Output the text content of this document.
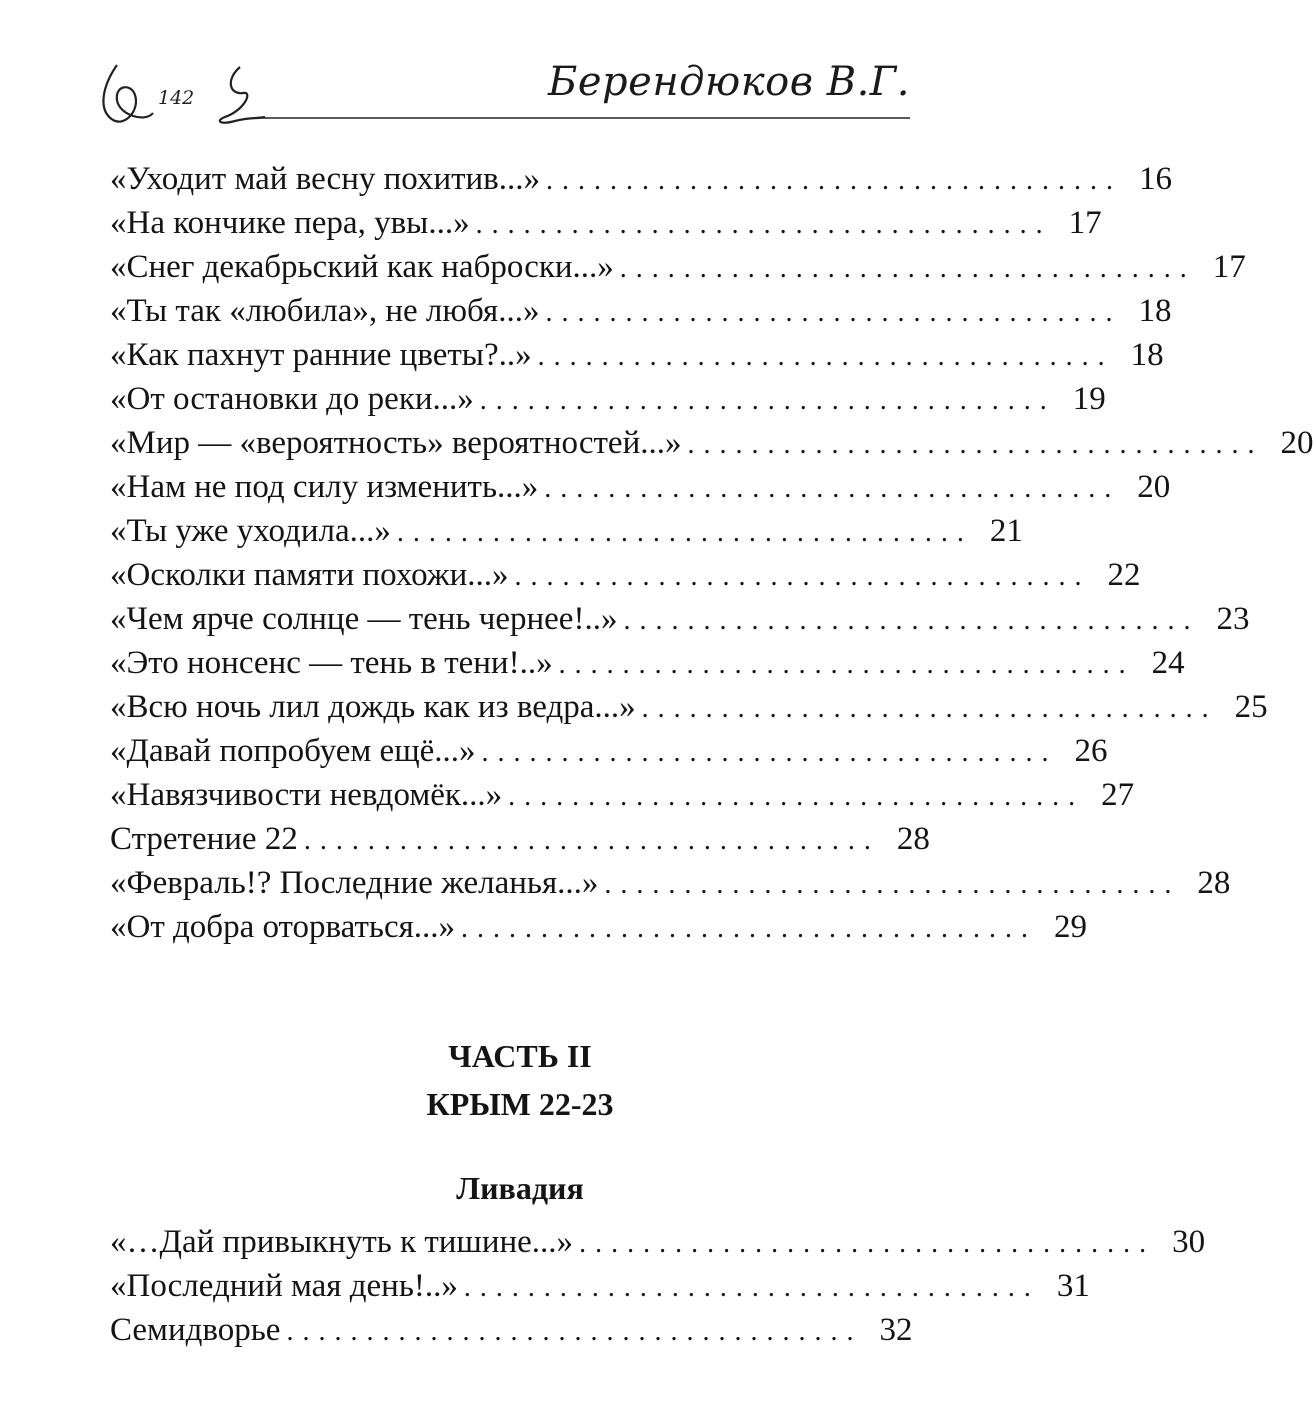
142	Берендюков В.Г.
«Уходит май весну похитив...» .................................... 16
«На кончике пера, увы...» .................................... 17
«Снег декабрьский как наброски...» .................................... 17
«Ты так «любила», не любя...» .................................... 18
«Как пахнут ранние цветы?..» .................................... 18
«От остановки до реки...» .................................... 19
«Мир — «вероятность» вероятностей...» .................................... 20
«Нам не под силу изменить...» .................................... 20
«Ты уже уходила...» .................................... 21
«Осколки памяти похожи...» .................................... 22
«Чем ярче солнце — тень чернее!..» .................................... 23
«Это нонсенс — тень в тени!..» .................................... 24
«Всю ночь лил дождь как из ведра...» .................................... 25
«Давай попробуем ещё...» .................................... 26
«Навязчивости невдомёк...» .................................... 27
Стретение 22 .................................... 28
«Февраль!? Последние желанья...» .................................... 28
«От добра оторваться...» .................................... 29
ЧАСТЬ II
КРЫМ 22-23
Ливадия
«…Дай привыкнуть к тишине...» .................................... 30
«Последний мая день!..» .................................... 31
Семидворье .................................... 32
